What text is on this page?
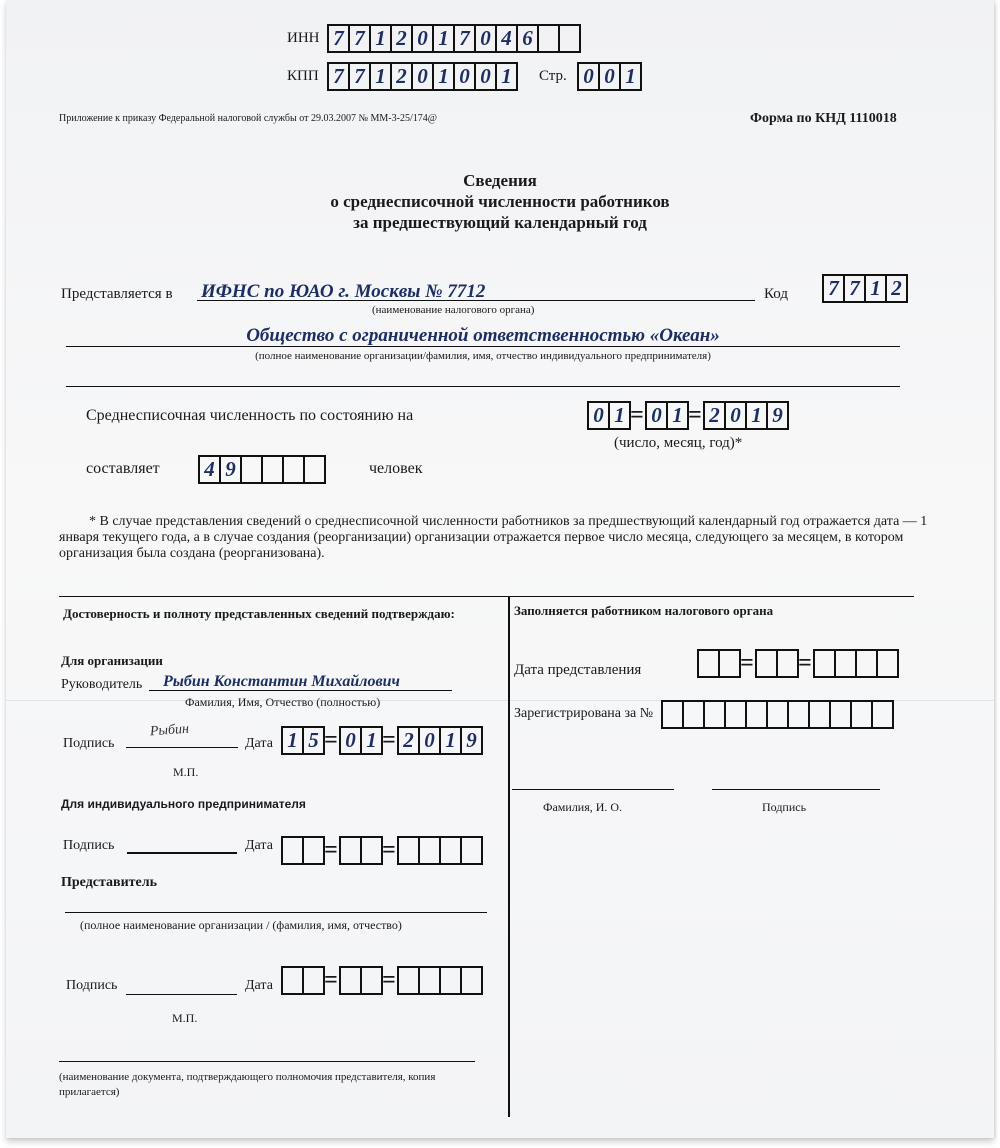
ИНН 7 7 1 2 0 1 7 0 4 6
КПП 7 7 1 2 0 1 0 0 1	Стр. 0 0 1
Приложение к приказу Федеральной налоговой службы от 29.03.2007 № ММ-3-25/174@	Форма по КНД 1110018
Сведения
о среднесписочной численности работников
за предшествующий календарный год
Представляется в ИФНС по ЮАО г. Москвы № 7712
(наименование налогового органа)
Код 7 7 1 2
Общество с ограниченной ответственностью «Океан»
(полное наименование организации/фамилия, имя, отчество индивидуального предпринимателя)
Среднесписочная численность по состоянию на	0 1 = 0 1 = 2 0 1 9
(число, месяц, год)*
составляет 4 9	человек
* В случае представления сведений о среднесписочной численности работников за предшествующий календарный год отражается дата — 1 января текущего года, а в случае создания (реорганизации) организации отражается первое число месяца, следующего за месяцем, в котором организация была создана (реорганизована).
Достоверность и полноту представленных сведений подтверждаю:
Для организации
Руководитель Рыбин Константин Михайлович
Фамилия, Имя, Отчество (полностью)
Подпись
Рыбин
Дата 1 5 = 0 1 = 2 0 1 9
М.П.
Для индивидуального предпринимателя
Подпись	Дата = =
Представитель
(полное наименование организации / (фамилия, имя, отчество)
Подпись	Дата = =
М.П.
(наименование документа, подтверждающего полномочия представителя, копия прилагается)
Заполняется работником налогового органа
Дата представления	= =
Зарегистрирована за №
Фамилия, И. О.	Подпись
